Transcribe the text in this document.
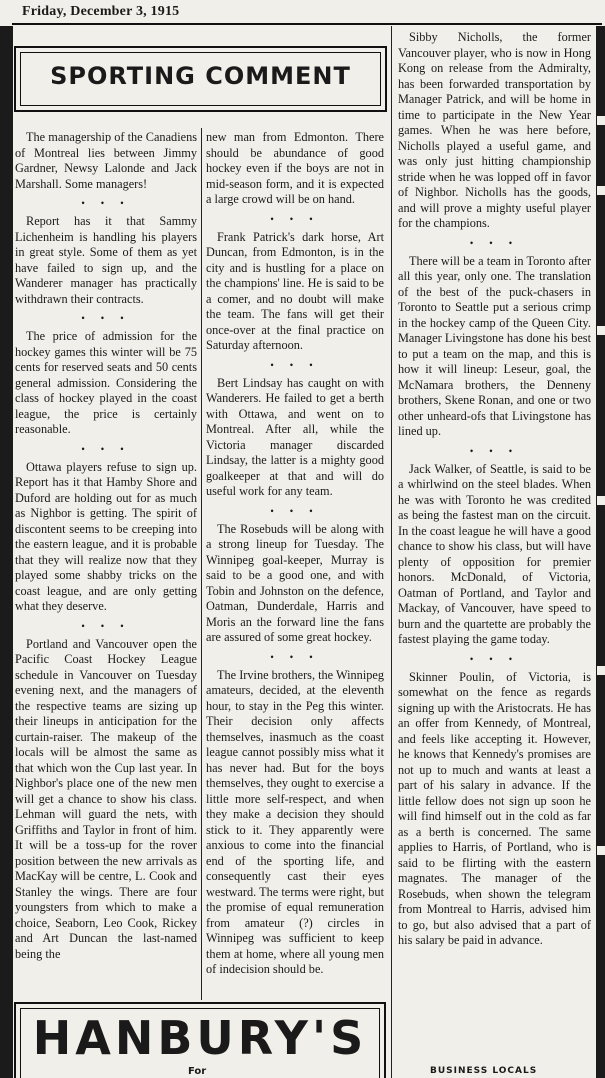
Friday, December 3, 1915
SPORTING COMMENT

The managership of the Canadiens of Montreal lies between Jimmy Gardner, Newsy Lalonde and Jack Marshall. Some managers!

• • •

Report has it that Sammy Lichenheim is handling his players in great style. Some of them as yet have failed to sign up, and the Wanderer manager has practically withdrawn their contracts.

• • •

The price of admission for the hockey games this winter will be 75 cents for reserved seats and 50 cents general admission. Considering the class of hockey played in the coast league, the price is certainly reasonable.

• • •

Ottawa players refuse to sign up. Report has it that Hamby Shore and Duford are holding out for as much as Nighbor is getting. The spirit of discontent seems to be creeping into the eastern league, and it is probable that they will realize now that they played some shabby tricks on the coast league, and are only getting what they deserve.

• • •

Portland and Vancouver open the Pacific Coast Hockey League schedule in Vancouver on Tuesday evening next, and the managers of the respective teams are sizing up their lineups in anticipation for the curtain-raiser. The makeup of the locals will be almost the same as that which won the Cup last year. In Nighbor's place one of the new men will get a chance to show his class. Lehman will guard the nets, with Griffiths and Taylor in front of him. It will be a toss-up for the rover position between the new arrivals as MacKay will be centre, L. Cook and Stanley the wings. There are four youngsters from which to make a choice, Seaborn, Leo Cook, Rickey and Art Duncan the last-named being the

new man from Edmonton. There should be abundance of good hockey even if the boys are not in mid-season form, and it is expected a large crowd will be on hand.

• • •

Frank Patrick's dark horse, Art Duncan, from Edmonton, is in the city and is hustling for a place on the champions' line. He is said to be a comer, and no doubt will make the team. The fans will get their once-over at the final practice on Saturday afternoon.

• • •

Bert Lindsay has caught on with Wanderers. He failed to get a berth with Ottawa, and went on to Montreal. After all, while the Victoria manager discarded Lindsay, the latter is a mighty good goalkeeper at that and will do useful work for any team.

• • •

The Rosebuds will be along with a strong lineup for Tuesday. The Winnipeg goal-keeper, Murray is said to be a good one, and with Tobin and Johnston on the defence, Oatman, Dunderdale, Harris and Moris an the forward line the fans are assured of some great hockey.

• • •

The Irvine brothers, the Winnipeg amateurs, decided, at the eleventh hour, to stay in the Peg this winter. Their decision only affects themselves, inasmuch as the coast league cannot possibly miss what it has never had. But for the boys themselves, they ought to exercise a little more self-respect, and when they make a decision they should stick to it. They apparently were anxious to come into the financial end of the sporting life, and consequently cast their eyes westward. The terms were right, but the promise of equal remuneration from amateur (?) circles in Winnipeg was sufficient to keep them at home, where all young men of indecision should be.

Sibby Nicholls, the former Vancouver player, who is now in Hong Kong on release from the Admiralty, has been forwarded transportation by Manager Patrick, and will be home in time to participate in the New Year games. When he was here before, Nicholls played a useful game, and was only just hitting championship stride when he was lopped off in favor of Nighbor. Nicholls has the goods, and will prove a mighty useful player for the champions.

• • •

There will be a team in Toronto after all this year, only one. The translation of the best of the puck-chasers in Toronto to Seattle put a serious crimp in the hockey camp of the Queen City. Manager Livingstone has done his best to put a team on the map, and this is how it will lineup: Leseur, goal, the McNamara brothers, the Denneny brothers, Skene Ronan, and one or two other unheard-ofs that Livingstone has lined up.

• • •

Jack Walker, of Seattle, is said to be a whirlwind on the steel blades. When he was with Toronto he was credited as being the fastest man on the circuit. In the coast league he will have a good chance to show his class, but will have plenty of opposition for premier honors. McDonald, of Victoria, Oatman of Portland, and Taylor and Mackay, of Vancouver, have speed to burn and the quartette are probably the fastest playing the game today.

• • •

Skinner Poulin, of Victoria, is somewhat on the fence as regards signing up with the Aristocrats. He has an offer from Kennedy, of Montreal, and feels like accepting it. However, he knows that Kennedy's promises are not up to much and wants at least a part of his salary in advance. If the little fellow does not sign up soon he will find himself out in the cold as far as a berth is concerned. The same applies to Harris, of Portland, who is said to be flirting with the eastern magnates. The manager of the Rosebuds, when shown the telegram from Montreal to Harris, advised him to go, but also advised that a part of his salary be paid in advance.

HANBURY'S
For	BUSINESS LOCALS
